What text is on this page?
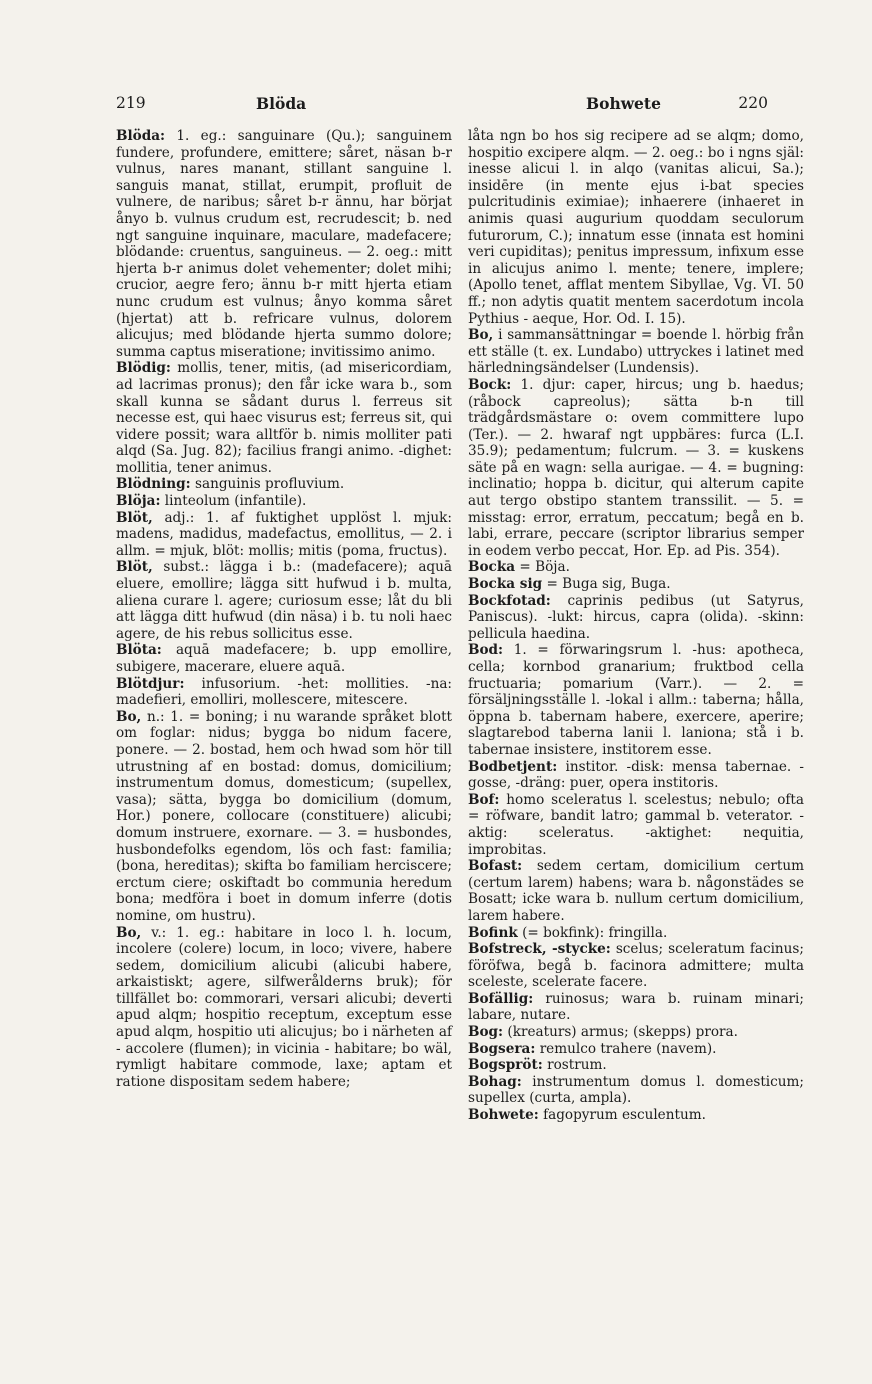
219	Blöda	Bohwete	220

Blöda: 1. eg.: sanguinare (Qu.); sanguinem fundere, profundere, emittere; såret, näsan b-r vulnus, nares manant, stillant sanguine l. sanguis manat, stillat, erumpit, profluit de vulnere, de naribus; såret b-r ännu, har börjat ånyo b. vulnus crudum est, recrudescit; b. ned ngt sanguine inquinare, maculare, madefacere; blödande: cruentus, sanguineus. — 2. oeg.: mitt hjerta b-r animus dolet vehementer; dolet mihi; crucior, aegre fero; ännu b-r mitt hjerta etiam nunc crudum est vulnus; ånyo komma såret (hjertat) att b. refricare vulnus, dolorem alicujus; med blödande hjerta summo dolore; summa captus miseratione; invitissimo animo.

Blödig: mollis, tener, mitis, (ad misericordiam, ad lacrimas pronus); den får icke wara b., som skall kunna se sådant durus l. ferreus sit necesse est, qui haec visurus est; ferreus sit, qui videre possit; wara alltför b. nimis molliter pati alqd (Sa. Jug. 82); facilius frangi animo. -dighet: mollitia, tener animus.

Blödning: sanguinis profluvium.

Blöja: linteolum (infantile).

Blöt, adj.: 1. af fuktighet upplöst l. mjuk: madens, madidus, madefactus, emollitus, — 2. i allm. = mjuk, blöt: mollis; mitis (poma, fructus).

Blöt, subst.: lägga i b.: (madefacere); aquā eluere, emollire; lägga sitt hufwud i b. multa, aliena curare l. agere; curiosum esse; låt du bli att lägga ditt hufwud (din näsa) i b. tu noli haec agere, de his rebus sollicitus esse.

Blöta: aquā madefacere; b. upp emollire, subigere, macerare, eluere aquā.

Blötdjur: infusorium. -het: mollities. -na: madefieri, emolliri, mollescere, mitescere.

Bo, n.: 1. = boning; i nu warande språket blott om foglar: nidus; bygga bo nidum facere, ponere. — 2. bostad, hem och hwad som hör till utrustning af en bostad: domus, domicilium; instrumentum domus, domesticum; (supellex, vasa); sätta, bygga bo domicilium (domum, Hor.) ponere, collocare (constituere) alicubi; domum instruere, exornare. — 3. = husbondes, husbondefolks egendom, lös och fast: familia; (bona, hereditas); skifta bo familiam herciscere; erctum ciere; oskiftadt bo communia heredum bona; medföra i boet in domum inferre (dotis nomine, om hustru).

Bo, v.: 1. eg.: habitare in loco l. h. locum, incolere (colere) locum, in loco; vivere, habere sedem, domicilium alicubi (alicubi habere, arkaistiskt; agere, silfwerålderns bruk); för tillfället bo: commorari, versari alicubi; deverti apud alqm; hospitio receptum, exceptum esse apud alqm, hospitio uti alicujus; bo i närheten af - accolere (flumen); in vicinia - habitare; bo wäl, rymligt habitare commode, laxe; aptam et ratione dispositam sedem habere;

låta ngn bo hos sig recipere ad se alqm; domo, hospitio excipere alqm. — 2. oeg.: bo i ngns själ: inesse alicui l. in alqo (vanitas alicui, Sa.); insidēre (in mente ejus i-bat species pulcritudinis eximiae); inhaerere (inhaeret in animis quasi augurium quoddam seculorum futurorum, C.); innatum esse (innata est homini veri cupiditas); penitus impressum, infixum esse in alicujus animo l. mente; tenere, implere; (Apollo tenet, afflat mentem Sibyllae, Vg. VI. 50 ff.; non adytis quatit mentem sacerdotum incola Pythius - aeque, Hor. Od. I. 15).

Bo, i sammansättningar = boende l. hörbig från ett ställe (t. ex. Lundabo) uttryckes i latinet med härledningsändelser (Lundensis).

Bock: 1. djur: caper, hircus; ung b. haedus; (råbock capreolus); sätta b-n till trädgårdsmästare o: ovem committere lupo (Ter.). — 2. hwaraf ngt uppbäres: furca (L.I. 35.9); pedamentum; fulcrum. — 3. = kuskens säte på en wagn: sella aurigae. — 4. = bugning: inclinatio; hoppa b. dicitur, qui alterum capite aut tergo obstipo stantem transsilit. — 5. = misstag: error, erratum, peccatum; begå en b. labi, errare, peccare (scriptor librarius semper in eodem verbo peccat, Hor. Ep. ad Pis. 354).

Bocka = Böja.

Bocka sig = Buga sig, Buga.

Bockfotad: caprinis pedibus (ut Satyrus, Paniscus). -lukt: hircus, capra (olida). -skinn: pellicula haedina.

Bod: 1. = förwaringsrum l. -hus: apotheca, cella; kornbod granarium; fruktbod cella fructuaria; pomarium (Varr.). — 2. = försäljningsställe l. -lokal i allm.: taberna; hålla, öppna b. tabernam habere, exercere, aperire; slagtarebod taberna lanii l. laniona; stå i b. tabernae insistere, institorem esse.

Bodbetjent: institor. -disk: mensa tabernae. -gosse, -dräng: puer, opera institoris.

Bof: homo sceleratus l. scelestus; nebulo; ofta = röfware, bandit latro; gammal b. veterator. -aktig: sceleratus. -aktighet: nequitia, improbitas.

Bofast: sedem certam, domicilium certum (certum larem) habens; wara b. någonstädes se Bosatt; icke wara b. nullum certum domicilium, larem habere.

Bofink (= bokfink): fringilla.

Bofstreck, -stycke: scelus; sceleratum facinus; föröfwa, begå b. facinora admittere; multa sceleste, scelerate facere.

Bofällig: ruinosus; wara b. ruinam minari; labare, nutare.

Bog: (kreaturs) armus; (skepps) prora.

Bogsera: remulco trahere (navem).

Bogspröt: rostrum.

Bohag: instrumentum domus l. domesticum; supellex (curta, ampla).

Bohwete: fagopyrum esculentum.
